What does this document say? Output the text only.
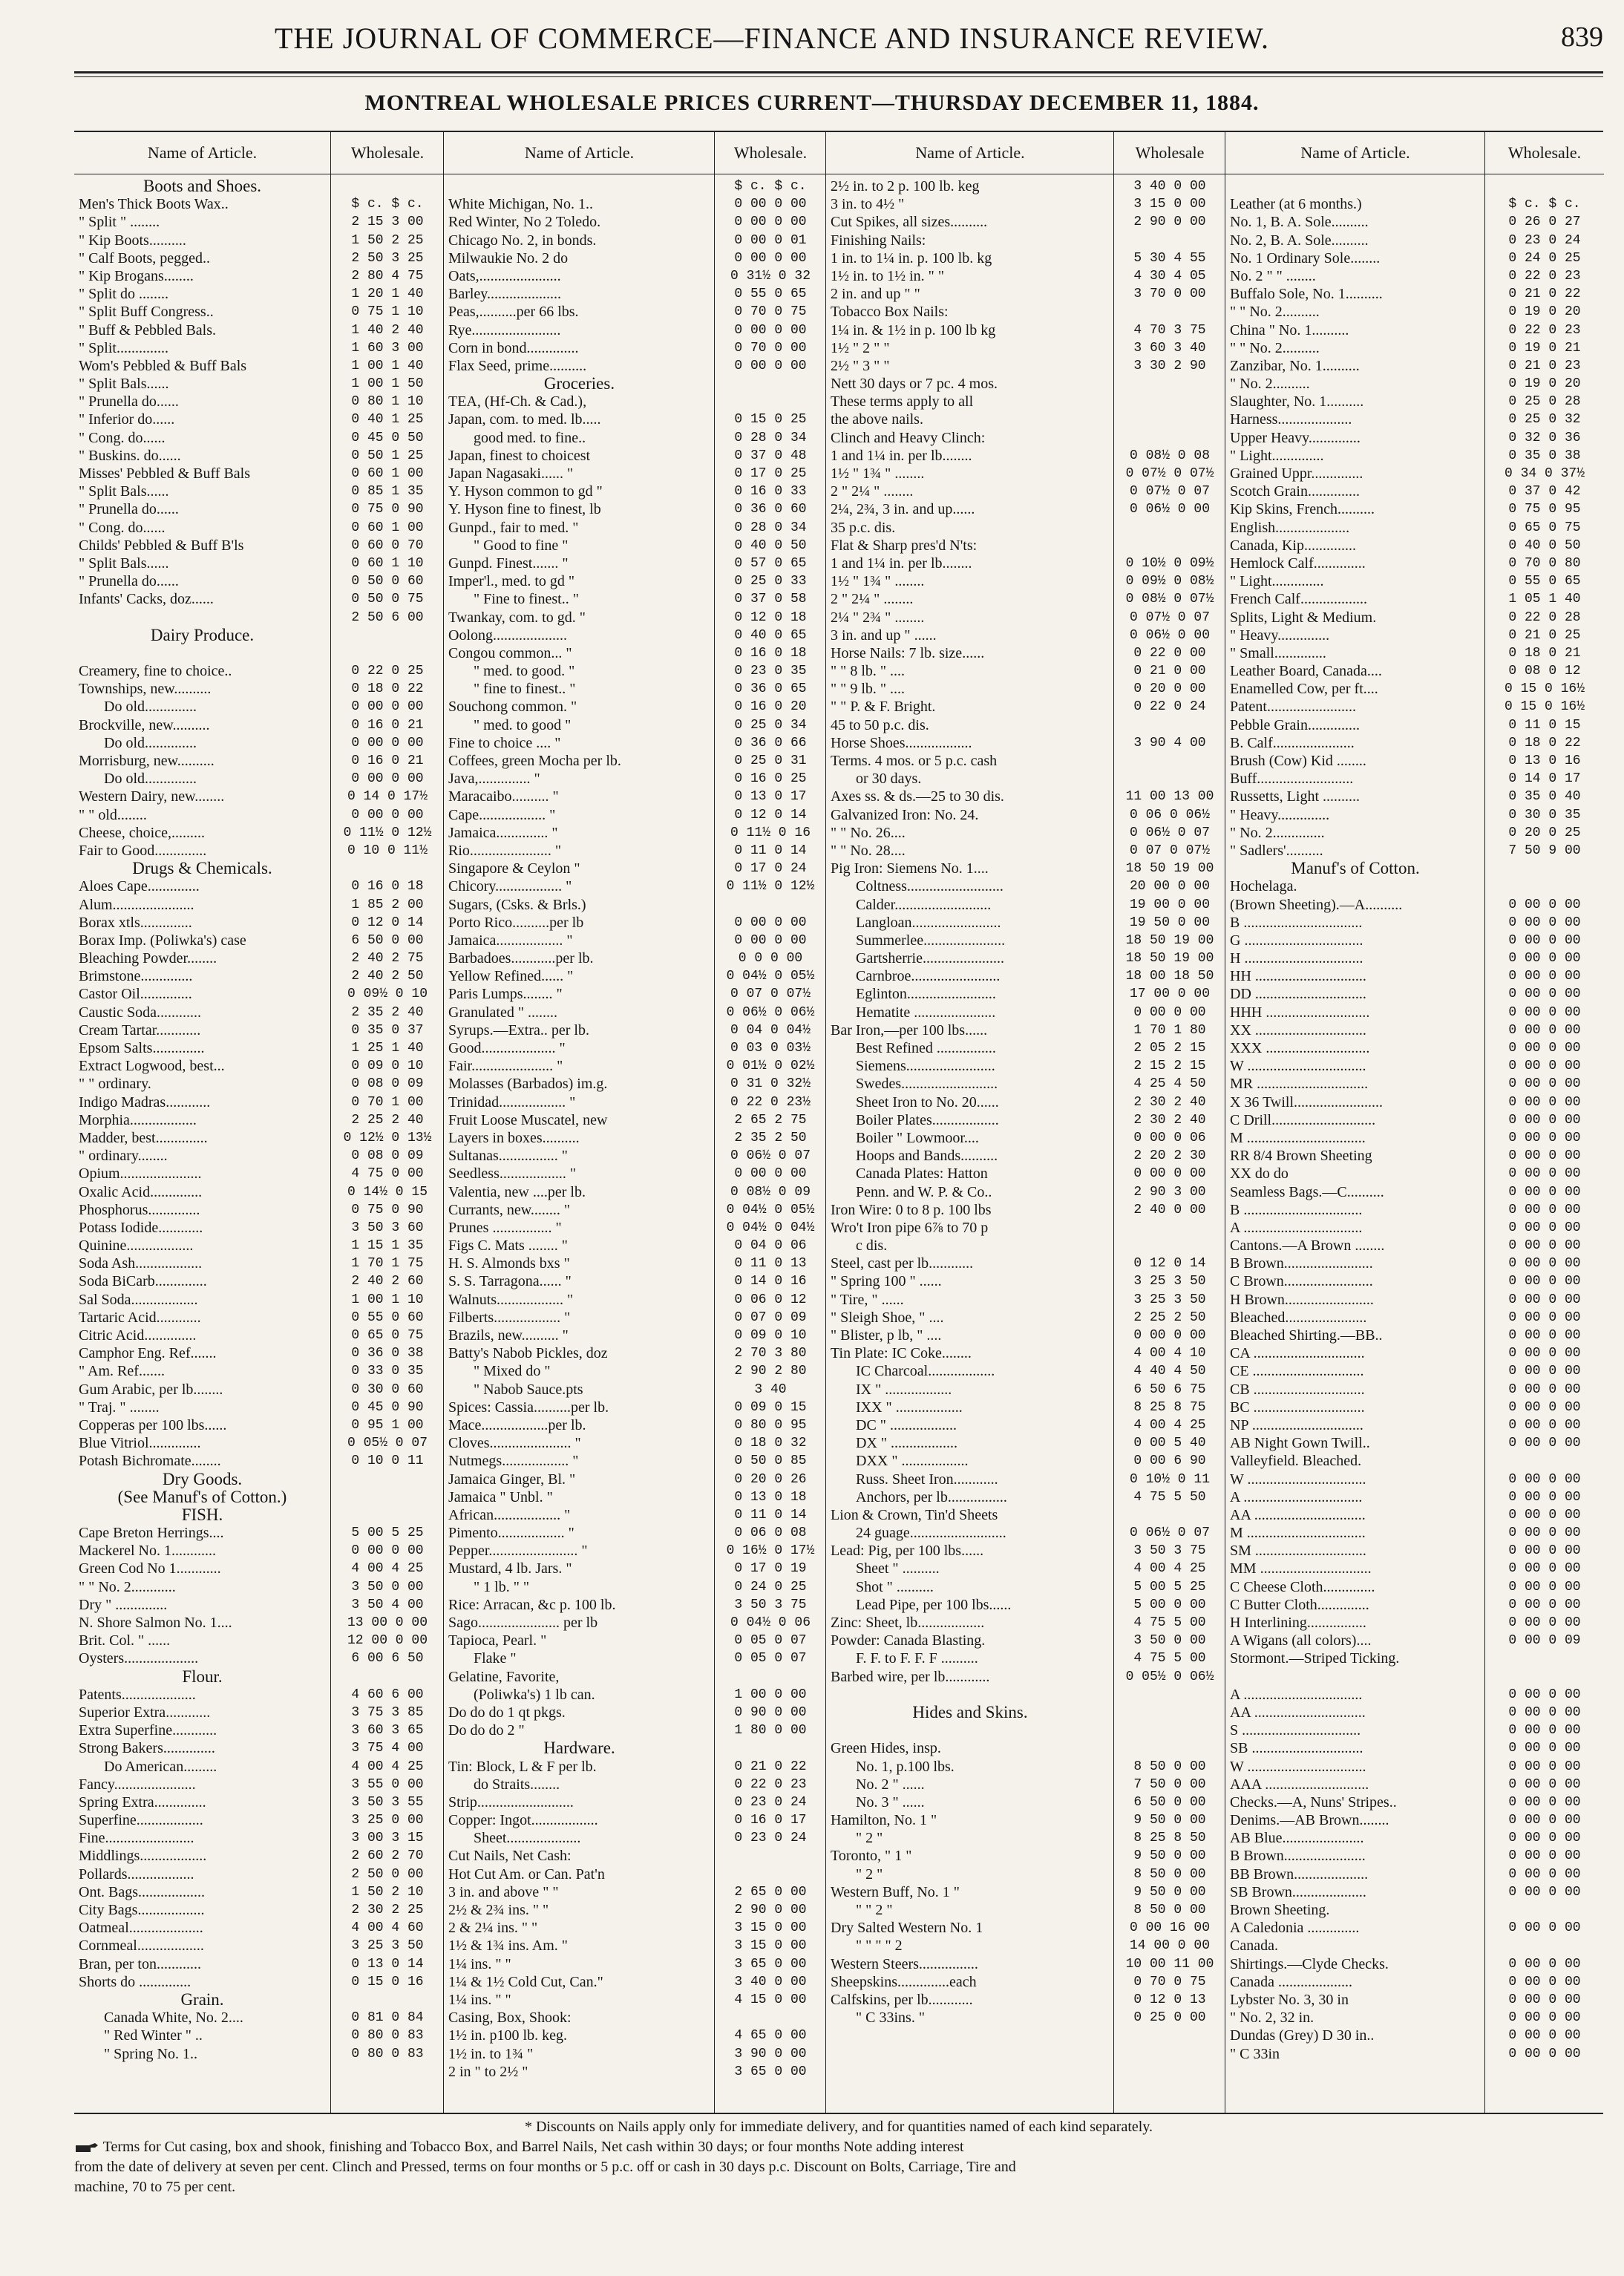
THE JOURNAL OF COMMERCE—FINANCE AND INSURANCE REVIEW.	839
MONTREAL WHOLESALE PRICES CURRENT—THURSDAY DECEMBER 11, 1884.
Name of Article.
Boots and Shoes.
Men's Thick Boots Wax..
" Split " ........
" Kip Boots..........
" Calf Boots, pegged..
" Kip Brogans........
" Split do ........
" Split Buff Congress..
" Buff & Pebbled Bals.
" Split..............
Wom's Pebbled & Buff Bals
" Split Bals......
" Prunella do......
" Inferior do......
" Cong. do......
" Buskins. do......
Misses' Pebbled & Buff Bals
" Split Bals......
" Prunella do......
" Cong. do......
Childs' Pebbled & Buff B'ls
" Split Bals......
" Prunella do......
Infants' Cacks, doz......
Dairy Produce.
Creamery, fine to choice..
Townships, new..........
Do old..............
Brockville, new..........
Do old..............
Morrisburg, new..........
Do old..............
Western Dairy, new........
" " old........
Cheese, choice,.........
Fair to Good..............
Drugs & Chemicals.
Aloes Cape..............
Alum......................
Borax xtls..............
Borax Imp. (Poliwka's) case
Bleaching Powder........
Brimstone..............
Castor Oil..............
Caustic Soda............
Cream Tartar............
Epsom Salts..............
Extract Logwood, best...
" " ordinary.
Indigo Madras............
Morphia..................
Madder, best..............
" ordinary........
Opium......................
Oxalic Acid..............
Phosphorus..............
Potass Iodide............
Quinine..................
Soda Ash..................
Soda BiCarb..............
Sal Soda..................
Tartaric Acid............
Citric Acid..............
Camphor Eng. Ref.......
" Am. Ref.......
Gum Arabic, per lb........
" Traj. " ........
Copperas per 100 lbs......
Blue Vitriol..............
Potash Bichromate........
Dry Goods.
(See Manuf's of Cotton.)
FISH.
Cape Breton Herrings....
Mackerel No. 1............
Green Cod No 1............
" " No. 2............
Dry " ..............
N. Shore Salmon No. 1....
Brit. Col. " ......
Oysters....................
Flour.
Patents....................
Superior Extra............
Extra Superfine............
Strong Bakers..............
Do American.........
Fancy......................
Spring Extra..............
Superfine..................
Fine........................
Middlings..................
Pollards..................
Ont. Bags..................
City Bags..................
Oatmeal....................
Cornmeal..................
Bran, per ton............
Shorts do ..............
Grain.
Canada White, No. 2....
" Red Winter " ..
" Spring No. 1..
Wholesale.
$ c. $ c.
2 15 3 00
1 50 2 25
2 50 3 25
2 80 4 75
1 20 1 40
0 75 1 10
1 40 2 40
1 60 3 00
1 00 1 40
1 00 1 50
0 80 1 10
0 40 1 25
0 45 0 50
0 50 1 25
0 60 1 00
0 85 1 35
0 75 0 90
0 60 1 00
0 60 0 70
0 60 1 10
0 50 0 60
0 50 0 75
2 50 6 00
0 22 0 25
0 18 0 22
0 00 0 00
0 16 0 21
0 00 0 00
0 16 0 21
0 00 0 00
0 14 0 17½
0 00 0 00
0 11½ 0 12½
0 10 0 11½
0 16 0 18
1 85 2 00
0 12 0 14
6 50 0 00
2 40 2 75
2 40 2 50
0 09½ 0 10
2 35 2 40
0 35 0 37
1 25 1 40
0 09 0 10
0 08 0 09
0 70 1 00
2 25 2 40
0 12½ 0 13½
0 08 0 09
4 75 0 00
0 14½ 0 15
0 75 0 90
3 50 3 60
1 15 1 35
1 70 1 75
2 40 2 60
1 00 1 10
0 55 0 60
0 65 0 75
0 36 0 38
0 33 0 35
0 30 0 60
0 45 0 90
0 95 1 00
0 05½ 0 07
0 10 0 11
5 00 5 25
0 00 0 00
4 00 4 25
3 50 0 00
3 50 4 00
13 00 0 00
12 00 0 00
6 00 6 50
4 60 6 00
3 75 3 85
3 60 3 65
3 75 4 00
4 00 4 25
3 55 0 00
3 50 3 55
3 25 0 00
3 00 3 15
2 60 2 70
2 50 0 00
1 50 2 10
2 30 2 25
4 00 4 60
3 25 3 50
0 13 0 14
0 15 0 16
0 81 0 84
0 80 0 83
0 80 0 83
Name of Article.
White Michigan, No. 1..
Red Winter, No 2 Toledo.
Chicago No. 2, in bonds.
Milwaukie No. 2 do
Oats,......................
Barley....................
Peas,..........per 66 lbs.
Rye........................
Corn in bond..............
Flax Seed, prime..........
Groceries.
TEA, (Hf-Ch. & Cad.),
Japan, com. to med. lb.....
good med. to fine..
Japan, finest to choicest
Japan Nagasaki...... "
Y. Hyson common to gd "
Y. Hyson fine to finest, lb
Gunpd., fair to med. "
" Good to fine "
Gunpd. Finest....... "
Imper'l., med. to gd "
" Fine to finest.. "
Twankay, com. to gd. "
Oolong....................
Congou common... "
" med. to good. "
" fine to finest.. "
Souchong common. "
" med. to good "
Fine to choice .... "
Coffees, green Mocha per lb.
Java,.............. "
Maracaibo.......... "
Cape.................. "
Jamaica.............. "
Rio...................... "
Singapore & Ceylon "
Chicory.................. "
Sugars, (Csks. & Brls.)
Porto Rico..........per lb
Jamaica.................. "
Barbadoes............per lb.
Yellow Refined...... "
Paris Lumps........ "
Granulated " ........
Syrups.—Extra.. per lb.
Good.................... "
Fair...................... "
Molasses (Barbados) im.g.
Trinidad.................. "
Fruit Loose Muscatel, new
Layers in boxes..........
Sultanas................ "
Seedless.................. "
Valentia, new ....per lb.
Currants, new........ "
Prunes ................ "
Figs C. Mats ........ "
H. S. Almonds bxs "
S. S. Tarragona...... "
Walnuts.................. "
Filberts.................. "
Brazils, new.......... "
Batty's Nabob Pickles, doz
" Mixed do "
" Nabob Sauce.pts
Spices: Cassia..........per lb.
Mace..................per lb.
Cloves...................... "
Nutmegs.................. "
Jamaica Ginger, Bl. "
Jamaica " Unbl. "
African.................. "
Pimento.................. "
Pepper........................ "
Mustard, 4 lb. Jars. "
" 1 lb. " "
Rice: Arracan, &c p. 100 lb.
Sago...................... per lb
Tapioca, Pearl. "
Flake "
Gelatine, Favorite,
(Poliwka's) 1 lb can.
Do do do 1 qt pkgs.
Do do do 2 "
Hardware.
Tin: Block, L & F per lb.
do Straits........
Strip..........................
Copper: Ingot..................
Sheet....................
Cut Nails, Net Cash:
Hot Cut Am. or Can. Pat'n
3 in. and above " "
2½ & 2¾ ins. " "
2 & 2¼ ins. " "
1½ & 1¾ ins. Am. "
1¼ ins. " "
1¼ & 1½ Cold Cut, Can."
1¼ ins. " "
Casing, Box, Shook:
1½ in. p100 lb. keg.
1½ in. to 1¾ "
2 in " to 2½ "
Wholesale.
$ c. $ c.
0 00 0 00
0 00 0 00
0 00 0 01
0 00 0 00
0 31½ 0 32
0 55 0 65
0 70 0 75
0 00 0 00
0 70 0 00
0 00 0 00
0 15 0 25
0 28 0 34
0 37 0 48
0 17 0 25
0 16 0 33
0 36 0 60
0 28 0 34
0 40 0 50
0 57 0 65
0 25 0 33
0 37 0 58
0 12 0 18
0 40 0 65
0 16 0 18
0 23 0 35
0 36 0 65
0 16 0 20
0 25 0 34
0 36 0 66
0 25 0 31
0 16 0 25
0 13 0 17
0 12 0 14
0 11½ 0 16
0 11 0 14
0 17 0 24
0 11½ 0 12½
0 00 0 00
0 00 0 00
0 0 0 00
0 04½ 0 05½
0 07 0 07½
0 06½ 0 06½
0 04 0 04½
0 03 0 03½
0 01½ 0 02½
0 31 0 32½
0 22 0 23½
2 65 2 75
2 35 2 50
0 06½ 0 07
0 00 0 00
0 08½ 0 09
0 04½ 0 05½
0 04½ 0 04½
0 04 0 06
0 11 0 13
0 14 0 16
0 06 0 12
0 07 0 09
0 09 0 10
2 70 3 80
2 90 2 80
3 40
0 09 0 15
0 80 0 95
0 18 0 32
0 50 0 85
0 20 0 26
0 13 0 18
0 11 0 14
0 06 0 08
0 16½ 0 17½
0 17 0 19
0 24 0 25
3 50 3 75
0 04½ 0 06
0 05 0 07
0 05 0 07
1 00 0 00
0 90 0 00
1 80 0 00
0 21 0 22
0 22 0 23
0 23 0 24
0 16 0 17
0 23 0 24
2 65 0 00
2 90 0 00
3 15 0 00
3 15 0 00
3 65 0 00
3 40 0 00
4 15 0 00
4 65 0 00
3 90 0 00
3 65 0 00
Name of Article.
2½ in. to 2 p. 100 lb. keg
3 in. to 4½ "
Cut Spikes, all sizes..........
Finishing Nails:
1 in. to 1¼ in. p. 100 lb. kg
1½ in. to 1½ in. " "
2 in. and up " "
Tobacco Box Nails:
1¼ in. & 1½ in p. 100 lb kg
1½ " 2 " "
2½ " 3 " "
Nett 30 days or 7 pc. 4 mos.
These terms apply to all
the above nails.
Clinch and Heavy Clinch:
1 and 1¼ in. per lb........
1½ " 1¾ " ........
2 " 2¼ " ........
2¼, 2¾, 3 in. and up......
35 p.c. dis.
Flat & Sharp pres'd N'ts:
1 and 1¼ in. per lb........
1½ " 1¾ " ........
2 " 2¼ " ........
2¼ " 2¾ " ........
3 in. and up " ......
Horse Nails: 7 lb. size......
" " 8 lb. " ....
" " 9 lb. " ....
" " P. & F. Bright.
45 to 50 p.c. dis.
Horse Shoes..................
Terms. 4 mos. or 5 p.c. cash
or 30 days.
Axes ss. & ds.—25 to 30 dis.
Galvanized Iron: No. 24.
" " No. 26....
" " No. 28....
Pig Iron: Siemens No. 1....
Coltness..........................
Calder..........................
Langloan........................
Summerlee......................
Gartsherrie......................
Carnbroe........................
Eglinton........................
Hematite ......................
Bar Iron,—per 100 lbs......
Best Refined ................
Siemens........................
Swedes..........................
Sheet Iron to No. 20......
Boiler Plates..................
Boiler " Lowmoor....
Hoops and Bands..........
Canada Plates: Hatton
Penn. and W. P. & Co..
Iron Wire: 0 to 8 p. 100 lbs
Wro't Iron pipe 6⅞ to 70 p
c dis.
Steel, cast per lb............
" Spring 100 " ......
" Tire, " ......
" Sleigh Shoe, " ....
" Blister, p lb, " ....
Tin Plate: IC Coke........
IC Charcoal..................
IX " ..................
IXX " ..................
DC " ..................
DX " ..................
DXX " ..................
Russ. Sheet Iron............
Anchors, per lb................
Lion & Crown, Tin'd Sheets
24 guage..........................
Lead: Pig, per 100 lbs......
Sheet " ..........
Shot " ..........
Lead Pipe, per 100 lbs......
Zinc: Sheet, lb..................
Powder: Canada Blasting.
F. F. to F. F. F ..........
Barbed wire, per lb............
Hides and Skins.
Green Hides, insp.
No. 1, p.100 lbs.
No. 2 " ......
No. 3 " ......
Hamilton, No. 1 "
" 2 "
Toronto, " 1 "
" 2 "
Western Buff, No. 1 "
" " 2 "
Dry Salted Western No. 1
" " " " 2
Western Steers................
Sheepskins..............each
Calfskins, per lb............
" C 33ins. "
Wholesale
3 40 0 00
3 15 0 00
2 90 0 00
5 30 4 55
4 30 4 05
3 70 0 00
4 70 3 75
3 60 3 40
3 30 2 90
0 08½ 0 08
0 07½ 0 07½
0 07½ 0 07
0 06½ 0 00
0 10½ 0 09½
0 09½ 0 08½
0 08½ 0 07½
0 07½ 0 07
0 06½ 0 00
0 22 0 00
0 21 0 00
0 20 0 00
0 22 0 24
3 90 4 00
11 00 13 00
0 06 0 06½
0 06½ 0 07
0 07 0 07½
18 50 19 00
20 00 0 00
19 00 0 00
19 50 0 00
18 50 19 00
18 50 19 00
18 00 18 50
17 00 0 00
0 00 0 00
1 70 1 80
2 05 2 15
2 15 2 15
4 25 4 50
2 30 2 40
2 30 2 40
0 00 0 06
2 20 2 30
0 00 0 00
2 90 3 00
2 40 0 00
0 12 0 14
3 25 3 50
3 25 3 50
2 25 2 50
0 00 0 00
4 00 4 10
4 40 4 50
6 50 6 75
8 25 8 75
4 00 4 25
0 00 5 40
0 00 6 90
0 10½ 0 11
4 75 5 50
0 06½ 0 07
3 50 3 75
4 00 4 25
5 00 5 25
5 00 0 00
4 75 5 00
3 50 0 00
4 75 5 00
0 05½ 0 06½
8 50 0 00
7 50 0 00
6 50 0 00
9 50 0 00
8 25 8 50
9 50 0 00
8 50 0 00
9 50 0 00
8 50 0 00
0 00 16 00
14 00 0 00
10 00 11 00
0 70 0 75
0 12 0 13
0 25 0 00
Name of Article.
Leather (at 6 months.)
No. 1, B. A. Sole..........
No. 2, B. A. Sole..........
No. 1 Ordinary Sole........
No. 2 " " ........
Buffalo Sole, No. 1..........
" " No. 2..........
China " No. 1..........
" " No. 2..........
Zanzibar, No. 1..........
" No. 2..........
Slaughter, No. 1..........
Harness....................
Upper Heavy..............
" Light..............
Grained Uppr..............
Scotch Grain..............
Kip Skins, French..........
English....................
Canada, Kip..............
Hemlock Calf..............
" Light..............
French Calf..................
Splits, Light & Medium.
" Heavy..............
" Small..............
Leather Board, Canada....
Enamelled Cow, per ft....
Patent........................
Pebble Grain..............
B. Calf......................
Brush (Cow) Kid ........
Buff..........................
Russetts, Light ..........
" Heavy..............
" No. 2..............
" Sadlers'..........
Manuf's of Cotton.
Hochelaga.
(Brown Sheeting).—A..........
B ................................
G ................................
H ................................
HH ..............................
DD ..............................
HHH ............................
XX ..............................
XXX ............................
W ................................
MR ..............................
X 36 Twill........................
C Drill............................
M ................................
RR 8/4 Brown Sheeting
XX do do
Seamless Bags.—C..........
B ................................
A ................................
Cantons.—A Brown ........
B Brown........................
C Brown........................
H Brown........................
Bleached......................
Bleached Shirting.—BB..
CA ..............................
CE ..............................
CB ..............................
BC ..............................
NP ..............................
AB Night Gown Twill..
Valleyfield. Bleached.
W ................................
A ................................
AA ..............................
M ................................
SM ..............................
MM ..............................
C Cheese Cloth..............
C Butter Cloth..............
H Interlining................
A Wigans (all colors)....
Stormont.—Striped Ticking.
A ................................
AA ..............................
S ................................
SB ..............................
W ................................
AAA ............................
Checks.—A, Nuns' Stripes..
Denims.—AB Brown........
AB Blue......................
B Brown......................
BB Brown....................
SB Brown....................
Brown Sheeting.
A Caledonia ..............
Canada.
Shirtings.—Clyde Checks.
Canada ....................
Lybster No. 3, 30 in
" No. 2, 32 in.
Dundas (Grey) D 30 in..
" C 33in
Wholesale.
$ c. $ c.
0 26 0 27
0 23 0 24
0 24 0 25
0 22 0 23
0 21 0 22
0 19 0 20
0 22 0 23
0 19 0 21
0 21 0 23
0 19 0 20
0 25 0 28
0 25 0 32
0 32 0 36
0 35 0 38
0 34 0 37½
0 37 0 42
0 75 0 95
0 65 0 75
0 40 0 50
0 70 0 80
0 55 0 65
1 05 1 40
0 22 0 28
0 21 0 25
0 18 0 21
0 08 0 12
0 15 0 16½
0 15 0 16½
0 11 0 15
0 18 0 22
0 13 0 16
0 14 0 17
0 35 0 40
0 30 0 35
0 20 0 25
7 50 9 00
0 00 0 00
0 00 0 00
0 00 0 00
0 00 0 00
0 00 0 00
0 00 0 00
0 00 0 00
0 00 0 00
0 00 0 00
0 00 0 00
0 00 0 00
0 00 0 00
0 00 0 00
0 00 0 00
0 00 0 00
0 00 0 00
0 00 0 00
0 00 0 00
0 00 0 00
0 00 0 00
0 00 0 00
0 00 0 00
0 00 0 00
0 00 0 00
0 00 0 00
0 00 0 00
0 00 0 00
0 00 0 00
0 00 0 00
0 00 0 00
0 00 0 00
0 00 0 00
0 00 0 00
0 00 0 00
0 00 0 00
0 00 0 00
0 00 0 00
0 00 0 00
0 00 0 00
0 00 0 00
0 00 0 09
0 00 0 00
0 00 0 00
0 00 0 00
0 00 0 00
0 00 0 00
0 00 0 00
0 00 0 00
0 00 0 00
0 00 0 00
0 00 0 00
0 00 0 00
0 00 0 00
0 00 0 00
0 00 0 00
0 00 0 00
0 00 0 00
0 00 0 00
0 00 0 00
0 00 0 00
* Discounts on Nails apply only for immediate delivery, and for quantities named of each kind separately.
Terms for Cut casing, box and shook, finishing and Tobacco Box, and Barrel Nails, Net cash within 30 days; or four months Note adding interest
from the date of delivery at seven per cent. Clinch and Pressed, terms on four months or 5 p.c. off or cash in 30 days p.c. Discount on Bolts, Carriage, Tire and
machine, 70 to 75 per cent.
